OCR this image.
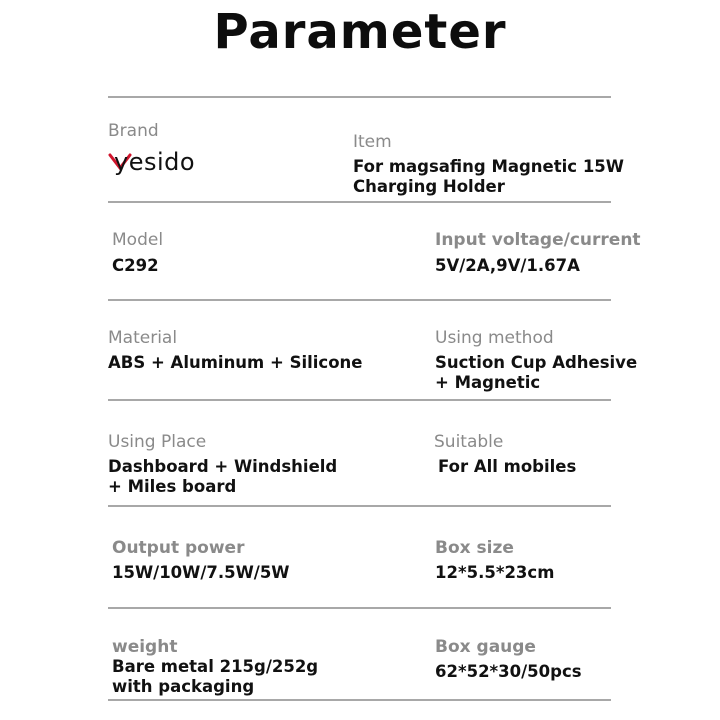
Parameter
Brand
yesido
Item
For magsafing Magnetic 15W
Charging Holder
Model
C292
Input voltage/current
5V/2A,9V/1.67A
Material
ABS + Aluminum + Silicone
Using method
Suction Cup Adhesive
+ Magnetic
Using Place
Dashboard + Windshield
+ Miles board
Suitable
For All mobiles
Output power
15W/10W/7.5W/5W
Box size
12*5.5*23cm
weight
Bare metal 215g/252g
with packaging
Box gauge
62*52*30/50pcs
